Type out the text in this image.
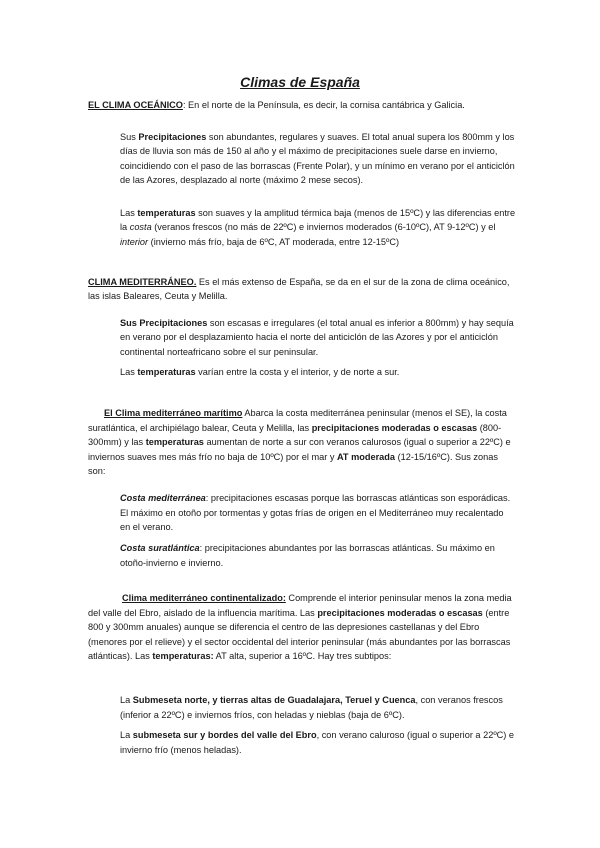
Climas de España

EL CLIMA OCEÁNICO: En el norte de la Península, es decir, la cornisa cantábrica y Galicia.

Sus Precipitaciones son abundantes, regulares y suaves. El total anual supera los 800mm y los días de lluvia son más de 150 al año y el máximo de precipitaciones suele darse en invierno, coincidiendo con el paso de las borrascas (Frente Polar), y un mínimo en verano por el anticiclón de las Azores, desplazado al norte (máximo 2 mese secos).

Las temperaturas son suaves y la amplitud térmica baja (menos de 15ºC) y las diferencias entre la costa (veranos frescos (no más de 22ºC) e inviernos moderados (6-10ºC), AT 9-12ºC) y el interior (invierno más frío, baja de 6ºC, AT moderada, entre 12-15ºC)

CLIMA MEDITERRÁNEO. Es el más extenso de España, se da en el sur de la zona de clima oceánico, las islas Baleares, Ceuta y Melilla.

Sus Precipitaciones son escasas e irregulares (el total anual es inferior a 800mm) y hay sequía en verano por el desplazamiento hacia el norte del anticiclón de las Azores y por el anticiclón continental norteafricano sobre el sur peninsular.

Las temperaturas varían entre la costa y el interior, y de norte a sur.

El Clima mediterráneo marítimo Abarca la costa mediterránea peninsular (menos el SE), la costa suratlántica, el archipiélago balear, Ceuta y Melilla, las precipitaciones moderadas o escasas (800-300mm) y las temperaturas aumentan de norte a sur con veranos calurosos (igual o superior a 22ºC) e inviernos suaves mes más frío no baja de 10ºC) por el mar y AT moderada (12-15/16ºC). Sus zonas son:

Costa mediterránea: precipitaciones escasas porque las borrascas atlánticas son esporádicas. El máximo en otoño por tormentas y gotas frías de origen en el Mediterráneo muy recalentado en el verano.

Costa suratlántica: precipitaciones abundantes por las borrascas atlánticas. Su máximo en otoño-invierno e invierno.

Clima mediterráneo continentalizado: Comprende el interior peninsular menos la zona media del valle del Ebro, aislado de la influencia marítima. Las precipitaciones moderadas o escasas (entre 800 y 300mm anuales) aunque se diferencia el centro de las depresiones castellanas y del Ebro (menores por el relieve) y el sector occidental del interior peninsular (más abundantes por las borrascas atlánticas). Las temperaturas: AT alta, superior a 16ºC. Hay tres subtipos:

La Submeseta norte, y tierras altas de Guadalajara, Teruel y Cuenca, con veranos frescos (inferior a 22ºC) e inviernos fríos, con heladas y nieblas (baja de 6ºC).

La submeseta sur y bordes del valle del Ebro, con verano caluroso (igual o superior a 22ºC) e invierno frío (menos heladas).
